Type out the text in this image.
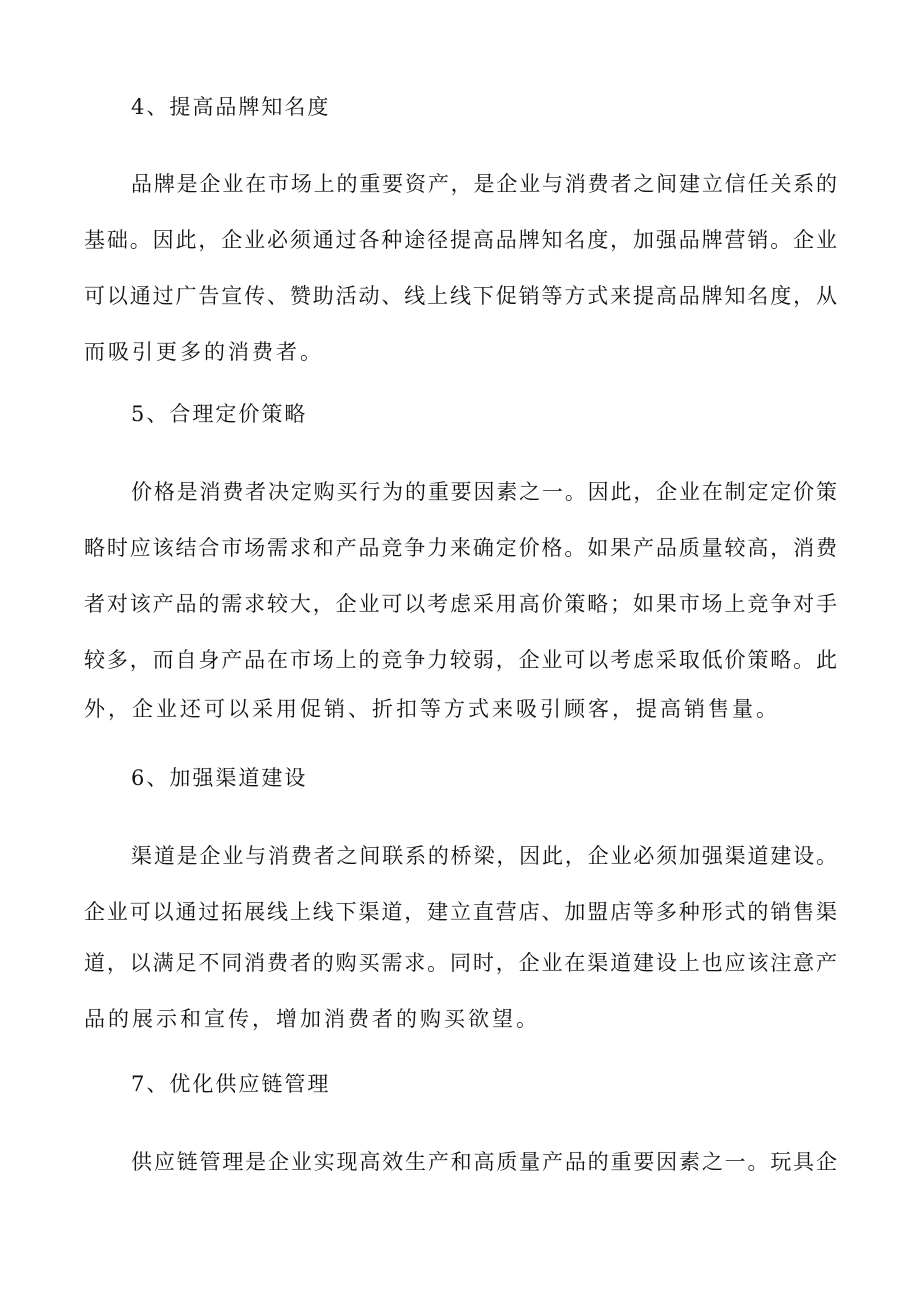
4、提高品牌知名度
品牌是企业在市场上的重要资产，是企业与消费者之间建立信任关系的
基础。因此，企业必须通过各种途径提高品牌知名度，加强品牌营销。企业
可以通过广告宣传、赞助活动、线上线下促销等方式来提高品牌知名度，从
而吸引更多的消费者。
5、合理定价策略
价格是消费者决定购买行为的重要因素之一。因此，企业在制定定价策
略时应该结合市场需求和产品竞争力来确定价格。如果产品质量较高，消费
者对该产品的需求较大，企业可以考虑采用高价策略；如果市场上竞争对手
较多，而自身产品在市场上的竞争力较弱，企业可以考虑采取低价策略。此
外，企业还可以采用促销、折扣等方式来吸引顾客，提高销售量。
6、加强渠道建设
渠道是企业与消费者之间联系的桥梁，因此，企业必须加强渠道建设。
企业可以通过拓展线上线下渠道，建立直营店、加盟店等多种形式的销售渠
道，以满足不同消费者的购买需求。同时，企业在渠道建设上也应该注意产
品的展示和宣传，增加消费者的购买欲望。
7、优化供应链管理
供应链管理是企业实现高效生产和高质量产品的重要因素之一。玩具企
